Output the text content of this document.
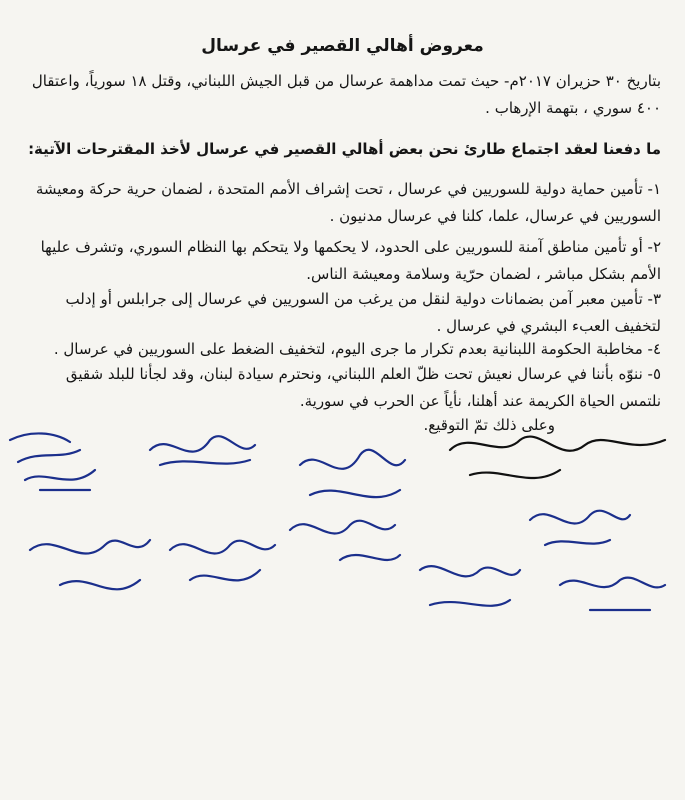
معروض أهالي القصير في عرسال
بتاريخ ٣٠ حزيران ٢٠١٧م- حيث تمت مداهمة عرسال من قبل الجيش اللبناني، وقتل ١٨ سورياً، واعتقال ٤٠٠ سوري ، بتهمة الإرهاب .
ما دفعنا لعقد اجتماع طارئ نحن بعض أهالي القصير في عرسال لأخذ المقترحات الآتية:
١- تأمين حماية دولية للسوريين في عرسال ، تحت إشراف الأمم المتحدة ، لضمان حرية حركة ومعيشة السوريين في عرسال، علما، كلنا في عرسال مدنيون .
٢- أو تأمين مناطق آمنة للسوريين على الحدود، لا يحكمها ولا يتحكم بها النظام السوري، وتشرف عليها الأمم بشكل مباشر ، لضمان حرّية وسلامة ومعيشة الناس.
٣- تأمين معبر آمن بضمانات دولية لنقل من يرغب من السوريين في عرسال إلى جرابلس أو إدلب لتخفيف العبء البشري في عرسال .
٤- مخاطبة الحكومة اللبنانية بعدم تكرار ما جرى اليوم، لتخفيف الضغط على السوريين في عرسال .
٥- ننوّه بأننا في عرسال نعيش تحت ظلّ العلم اللبناني، ونحترم سيادة لبنان، وقد لجأنا للبلد شقيق نلتمس الحياة الكريمة عند أهلنا، نأياً عن الحرب في سورية.
وعلى ذلك تمّ التوقيع.
